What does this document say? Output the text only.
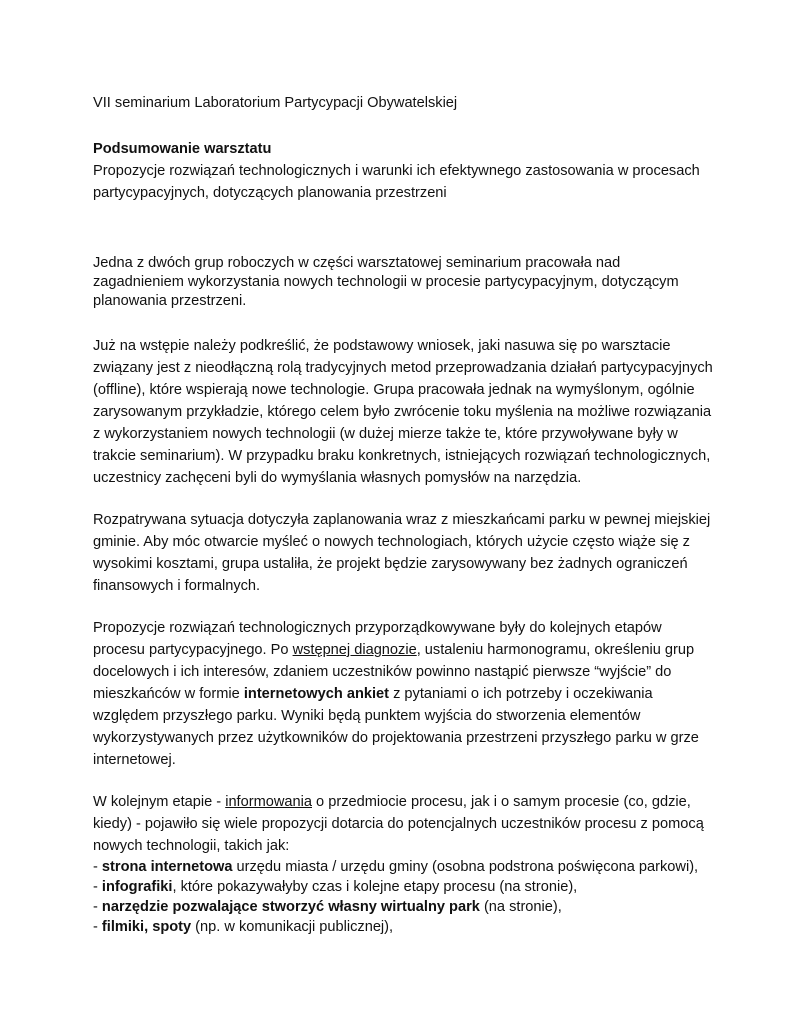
VII seminarium Laboratorium Partycypacji Obywatelskiej

Podsumowanie warsztatu

Propozycje rozwiązań technologicznych i warunki ich efektywnego zastosowania w procesach partycypacyjnych, dotyczących planowania przestrzeni

Jedna z dwóch grup roboczych w części warsztatowej seminarium pracowała nad zagadnieniem wykorzystania nowych technologii w procesie partycypacyjnym, dotyczącym planowania przestrzeni.

Już na wstępie należy podkreślić, że podstawowy wniosek, jaki nasuwa się po warsztacie związany jest z nieodłączną rolą tradycyjnych metod przeprowadzania działań partycypacyjnych (offline), które wspierają nowe technologie. Grupa pracowała jednak na wymyślonym, ogólnie zarysowanym przykładzie, którego celem było zwrócenie toku myślenia na możliwe rozwiązania z wykorzystaniem nowych technologii (w dużej mierze także te, które przywoływane były w trakcie seminarium). W przypadku braku konkretnych, istniejących rozwiązań technologicznych, uczestnicy zachęceni byli do wymyślania własnych pomysłów na narzędzia.

Rozpatrywana sytuacja dotyczyła zaplanowania wraz z mieszkańcami parku w pewnej miejskiej gminie. Aby móc otwarcie myśleć o nowych technologiach, których użycie często wiąże się z wysokimi kosztami, grupa ustaliła, że projekt będzie zarysowywany bez żadnych ograniczeń finansowych i formalnych.

Propozycje rozwiązań technologicznych przyporządkowywane były do kolejnych etapów procesu partycypacyjnego. Po wstępnej diagnozie, ustaleniu harmonogramu, określeniu grup docelowych i ich interesów, zdaniem uczestników powinno nastąpić pierwsze “wyjście” do mieszkańców w formie internetowych ankiet z pytaniami o ich potrzeby i oczekiwania względem przyszłego parku. Wyniki będą punktem wyjścia do stworzenia elementów wykorzystywanych przez użytkowników do projektowania przestrzeni przyszłego parku w grze internetowej.

W kolejnym etapie - informowania o przedmiocie procesu, jak i o samym procesie (co, gdzie, kiedy) - pojawiło się wiele propozycji dotarcia do potencjalnych uczestników procesu z pomocą nowych technologii, takich jak:

- strona internetowa urzędu miasta / urzędu gminy (osobna podstrona poświęcona parkowi),
- infografiki, które pokazywałyby czas i kolejne etapy procesu (na stronie),
- narzędzie pozwalające stworzyć własny wirtualny park (na stronie),
- filmiki, spoty (np. w komunikacji publicznej),
